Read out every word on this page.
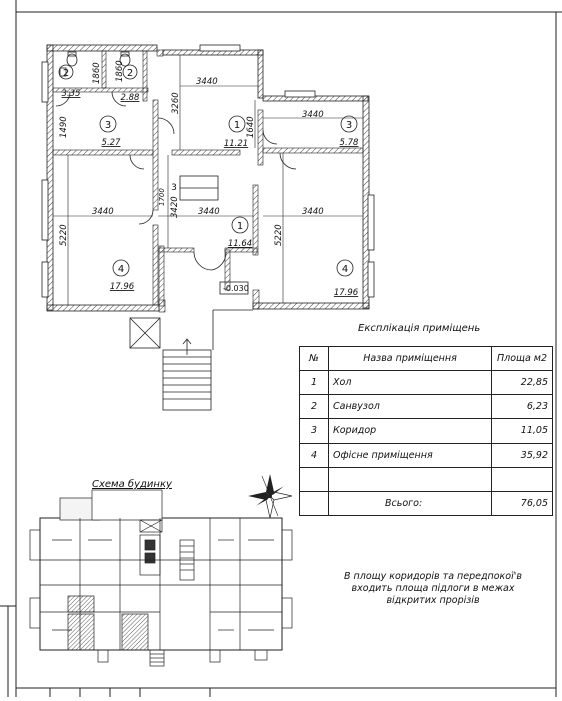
3440
3440
3440	3440	3440
1860 1860
3260
1490	1640
5220	5220
3420
1700
2	2
3	1	3
3
1
4	4
3.35	2.88
5.27	11.21	5.78
11.64
17.96
17.96
-0.030
Експлікація приміщень
№	Назва приміщення	Площа м2
1	Хол	22,85
2	Санвузол	6,23
3	Коридор	11,05
4	Офісне приміщення	35,92

	Всього:	76,05
Схема будинку
В площу коридорів та передпокої'в
входить площа підлоги в межах
відкритих прорізів
